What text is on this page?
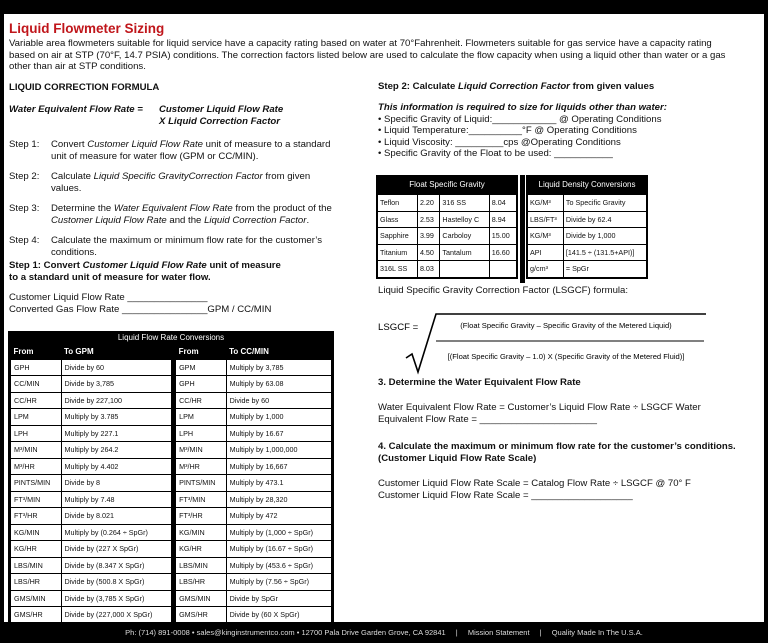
Liquid Flowmeter Sizing
Variable area flowmeters suitable for liquid service have a capacity rating based on water at 70°Fahrenheit. Flowmeters suitable for gas service have a capacity rating based on air at STP (70°F, 14.7 PSIA) conditions. The correction factors listed below are used to calculate the flow capacity when using a liquid other than water or a gas other than air at STP conditions.
LIQUID CORRECTION FORMULA
Water Equivalent Flow Rate =	Customer Liquid Flow Rate
X Liquid Correction Factor
Step 1:	Convert Customer Liquid Flow Rate unit of measure to a standard unit of measure for water flow (GPM or CC/MIN).
Step 2:	Calculate Liquid Specific GravityCorrection Factor from given values.
Step 3:	Determine the Water Equivalent Flow Rate from the product of the Customer Liquid Flow Rate and the Liquid Correction Factor.
Step 4:	Calculate the maximum or minimum flow rate for the customer’s conditions.
Step 1: Convert Customer Liquid Flow Rate unit of measure
to a standard unit of measure for water flow.
Customer Liquid Flow Rate _______________
Converted Gas Flow Rate ________________GPM / CC/MIN
Liquid Flow Rate Conversions
From	To GPM		From	To CC/MIN
GPH	Divide by 60		GPM	Multiply by 3,785
CC/MIN	Divide by 3,785		GPH	Multiply by 63.08
CC/HR	Divide by 227,100		CC/HR	Divide by 60
LPM	Multiply by 3.785		LPM	Multiply by 1,000
LPH	Multiply by 227.1		LPH	Multiply by 16.67
M³/MIN	Multiply by 264.2		M³/MIN	Multiply by 1,000,000
M³/HR	Multiply by 4.402		M³/HR	Multiply by 16,667
PINTS/MIN	Divide by 8		PINTS/MIN	Multiply by 473.1
FT³/MIN	Multiply by 7.48		FT³/MIN	Multiply by 28,320
FT³/HR	Divide by 8.021		FT³/HR	Multiply by 472
KG/MIN	Multiply by (0.264 ÷ SpGr)		KG/MIN	Multiply by (1,000 ÷ SpGr)
KG/HR	Divide by (227 X SpGr)		KG/HR	Multiply by (16.67 ÷ SpGr)
LBS/MIN	Divide by (8.347 X SpGr)		LBS/MIN	Multiply by (453.6 ÷ SpGr)
LBS/HR	Divide by (500.8 X SpGr)		LBS/HR	Multiply by (7.56 ÷ SpGr)
GMS/MIN	Divide by (3,785 X SpGr)		GMS/MIN	Divide by SpGr
GMS/HR	Divide by (227,000 X SpGr)		GMS/HR	Divide by (60 X SpGr)
Step 2: Calculate Liquid Correction Factor from given values
This information is required to size for liquids other than water:
• Specific Gravity of Liquid:____________ @ Operating Conditions
• Liquid Temperature:__________°F @ Operating Conditions
• Liquid Viscosity: _________cps @Operating Conditions
• Specific Gravity of the Float to be used: ___________
Float Specific Gravity
Teflon	2.20	316 SS	8.04
Glass	2.53	Hastelloy C	8.94
Sapphire	3.99	Carboloy	15.00
Titanium	4.50	Tantalum	16.60
316L SS	8.03		
Liquid Density Conversions
KG/M³	To Specific Gravity
LBS/FT³	Divide by 62.4
KG/M³	Divide by 1,000
API	[141.5 ÷ (131.5+API)]
g/cm³	= SpGr
Liquid Specific Gravity Correction Factor (LSGCF) formula:
LSGCF =	(Float Specific Gravity – Specific Gravity of the Metered Liquid)
[(Float Specific Gravity – 1.0) X (Specific Gravity of the Metered Fluid)]
3. Determine the Water Equivalent Flow Rate
Water Equivalent Flow Rate = Customer’s Liquid Flow Rate ÷ LSGCF Water
Equivalent Flow Rate = ______________________
4. Calculate the maximum or minimum flow rate for the customer’s conditions. (Customer Liquid Flow Rate Scale)
Customer Liquid Flow Rate Scale = Catalog Flow Rate ÷ LSGCF @ 70° F
Customer Liquid Flow Rate Scale = ___________________
Ph: (714) 891-0008 • sales@kinginstrumentco.com • 12700 Pala Drive Garden Grove, CA 92841 | Mission Statement | Quality Made In The U.S.A.
